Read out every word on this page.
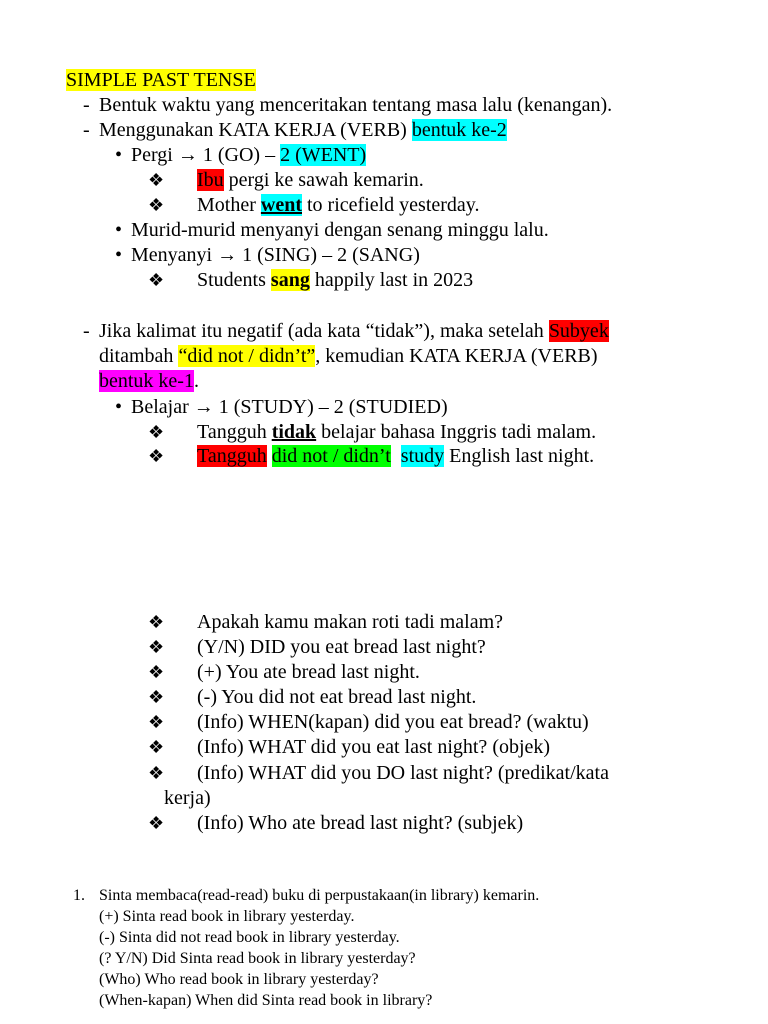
SIMPLE PAST TENSE
- Bentuk waktu yang menceritakan tentang masa lalu (kenangan).
- Menggunakan KATA KERJA (VERB) bentuk ke-2
• Pergi → 1 (GO) – 2 (WENT)
❖ Ibu pergi ke sawah kemarin.
❖ Mother went to ricefield yesterday.
• Murid-murid menyanyi dengan senang minggu lalu.
• Menyanyi → 1 (SING) – 2 (SANG)
❖ Students sang happily last in 2023
- Jika kalimat itu negatif (ada kata “tidak”), maka setelah Subyek
ditambah “did not / didn’t”, kemudian KATA KERJA (VERB)
bentuk ke-1.
• Belajar → 1 (STUDY) – 2 (STUDIED)
❖ Tangguh tidak belajar bahasa Inggris tadi malam.
❖ Tangguh did not / didn’t study English last night.
❖ Apakah kamu makan roti tadi malam?
❖ (Y/N) DID you eat bread last night?
❖ (+) You ate bread last night.
❖ (-) You did not eat bread last night.
❖ (Info) WHEN(kapan) did you eat bread? (waktu)
❖ (Info) WHAT did you eat last night? (objek)
❖ (Info) WHAT did you DO last night? (predikat/kata
kerja)
❖ (Info) Who ate bread last night? (subjek)
1. Sinta membaca(read-read) buku di perpustakaan(in library) kemarin.
(+) Sinta read book in library yesterday.
(-) Sinta did not read book in library yesterday.
(? Y/N) Did Sinta read book in library yesterday?
(Who) Who read book in library yesterday?
(When-kapan) When did Sinta read book in library?
